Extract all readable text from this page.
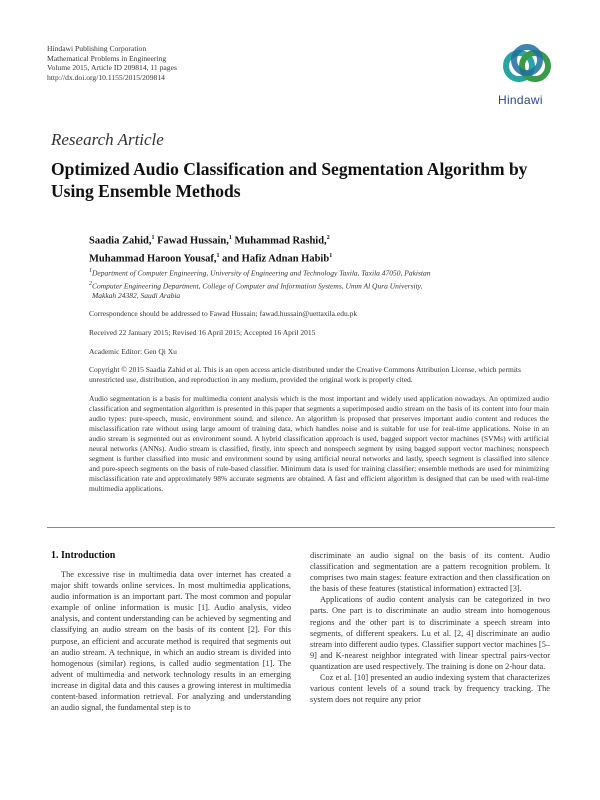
Hindawi Publishing Corporation
Mathematical Problems in Engineering
Volume 2015, Article ID 209814, 11 pages
http://dx.doi.org/10.1155/2015/209814
Hindawi
Research Article
Optimized Audio Classification and Segmentation Algorithm by Using Ensemble Methods
Saadia Zahid,$^1$ Fawad Hussain,$^1$ Muhammad Rashid,$^2$
Muhammad Haroon Yousaf,$^1$ and Hafiz Adnan Habib$^1$
$^1$Department of Computer Engineering, University of Engineering and Technology Taxila, Taxila 47050, Pakistan
$^2$Computer Engineering Department, College of Computer and Information Systems, Umm Al Qura University,
Makkah 24382, Saudi Arabia
Correspondence should be addressed to Fawad Hussain; fawad.hussain@uettaxila.edu.pk
Received 22 January 2015; Revised 16 April 2015; Accepted 16 April 2015
Academic Editor: Gen Qi Xu
Copyright © 2015 Saadia Zahid et al. This is an open access article distributed under the Creative Commons Attribution License, which permits unrestricted use, distribution, and reproduction in any medium, provided the original work is properly cited.
Audio segmentation is a basis for multimedia content analysis which is the most important and widely used application nowadays. An optimized audio classification and segmentation algorithm is presented in this paper that segments a superimposed audio stream on the basis of its content into four main audio types: pure-speech, music, environment sound, and silence. An algorithm is proposed that preserves important audio content and reduces the misclassification rate without using large amount of training data, which handles noise and is suitable for use for real-time applications. Noise in an audio stream is segmented out as environment sound. A hybrid classification approach is used, bagged support vector machines (SVMs) with artificial neural networks (ANNs). Audio stream is classified, firstly, into speech and nonspeech segment by using bagged support vector machines; nonspeech segment is further classified into music and environment sound by using artificial neural networks and lastly, speech segment is classified into silence and pure-speech segments on the basis of rule-based classifier. Minimum data is used for training classifier; ensemble methods are used for minimizing misclassification rate and approximately 98% accurate segments are obtained. A fast and efficient algorithm is designed that can be used with real-time multimedia applications.
1. Introduction

The excessive rise in multimedia data over internet has created a major shift towards online services. In most multimedia applications, audio information is an important part. The most common and popular example of online information is music [1]. Audio analysis, video analysis, and content understanding can be achieved by segmenting and classifying an audio stream on the basis of its content [2]. For this purpose, an efficient and accurate method is required that segments out an audio stream. A technique, in which an audio stream is divided into homogenous (similar) regions, is called audio segmentation [1]. The advent of multimedia and network technology results in an emerging increase in digital data and this causes a growing interest in multimedia content-based information retrieval. For analyzing and understanding an audio signal, the fundamental step is to

discriminate an audio signal on the basis of its content. Audio classification and segmentation are a pattern recognition problem. It comprises two main stages: feature extraction and then classification on the basis of these features (statistical information) extracted [3].

Applications of audio content analysis can be categorized in two parts. One part is to discriminate an audio stream into homogenous regions and the other part is to discriminate a speech stream into segments, of different speakers. Lu et al. [2, 4] discriminate an audio stream into different audio types. Classifier support vector machines [5–9] and K-nearest neighbor integrated with linear spectral pairs-vector quantization are used respectively. The training is done on 2-hour data.

Coz et al. [10] presented an audio indexing system that characterizes various content levels of a sound track by frequency tracking. The system does not require any prior
